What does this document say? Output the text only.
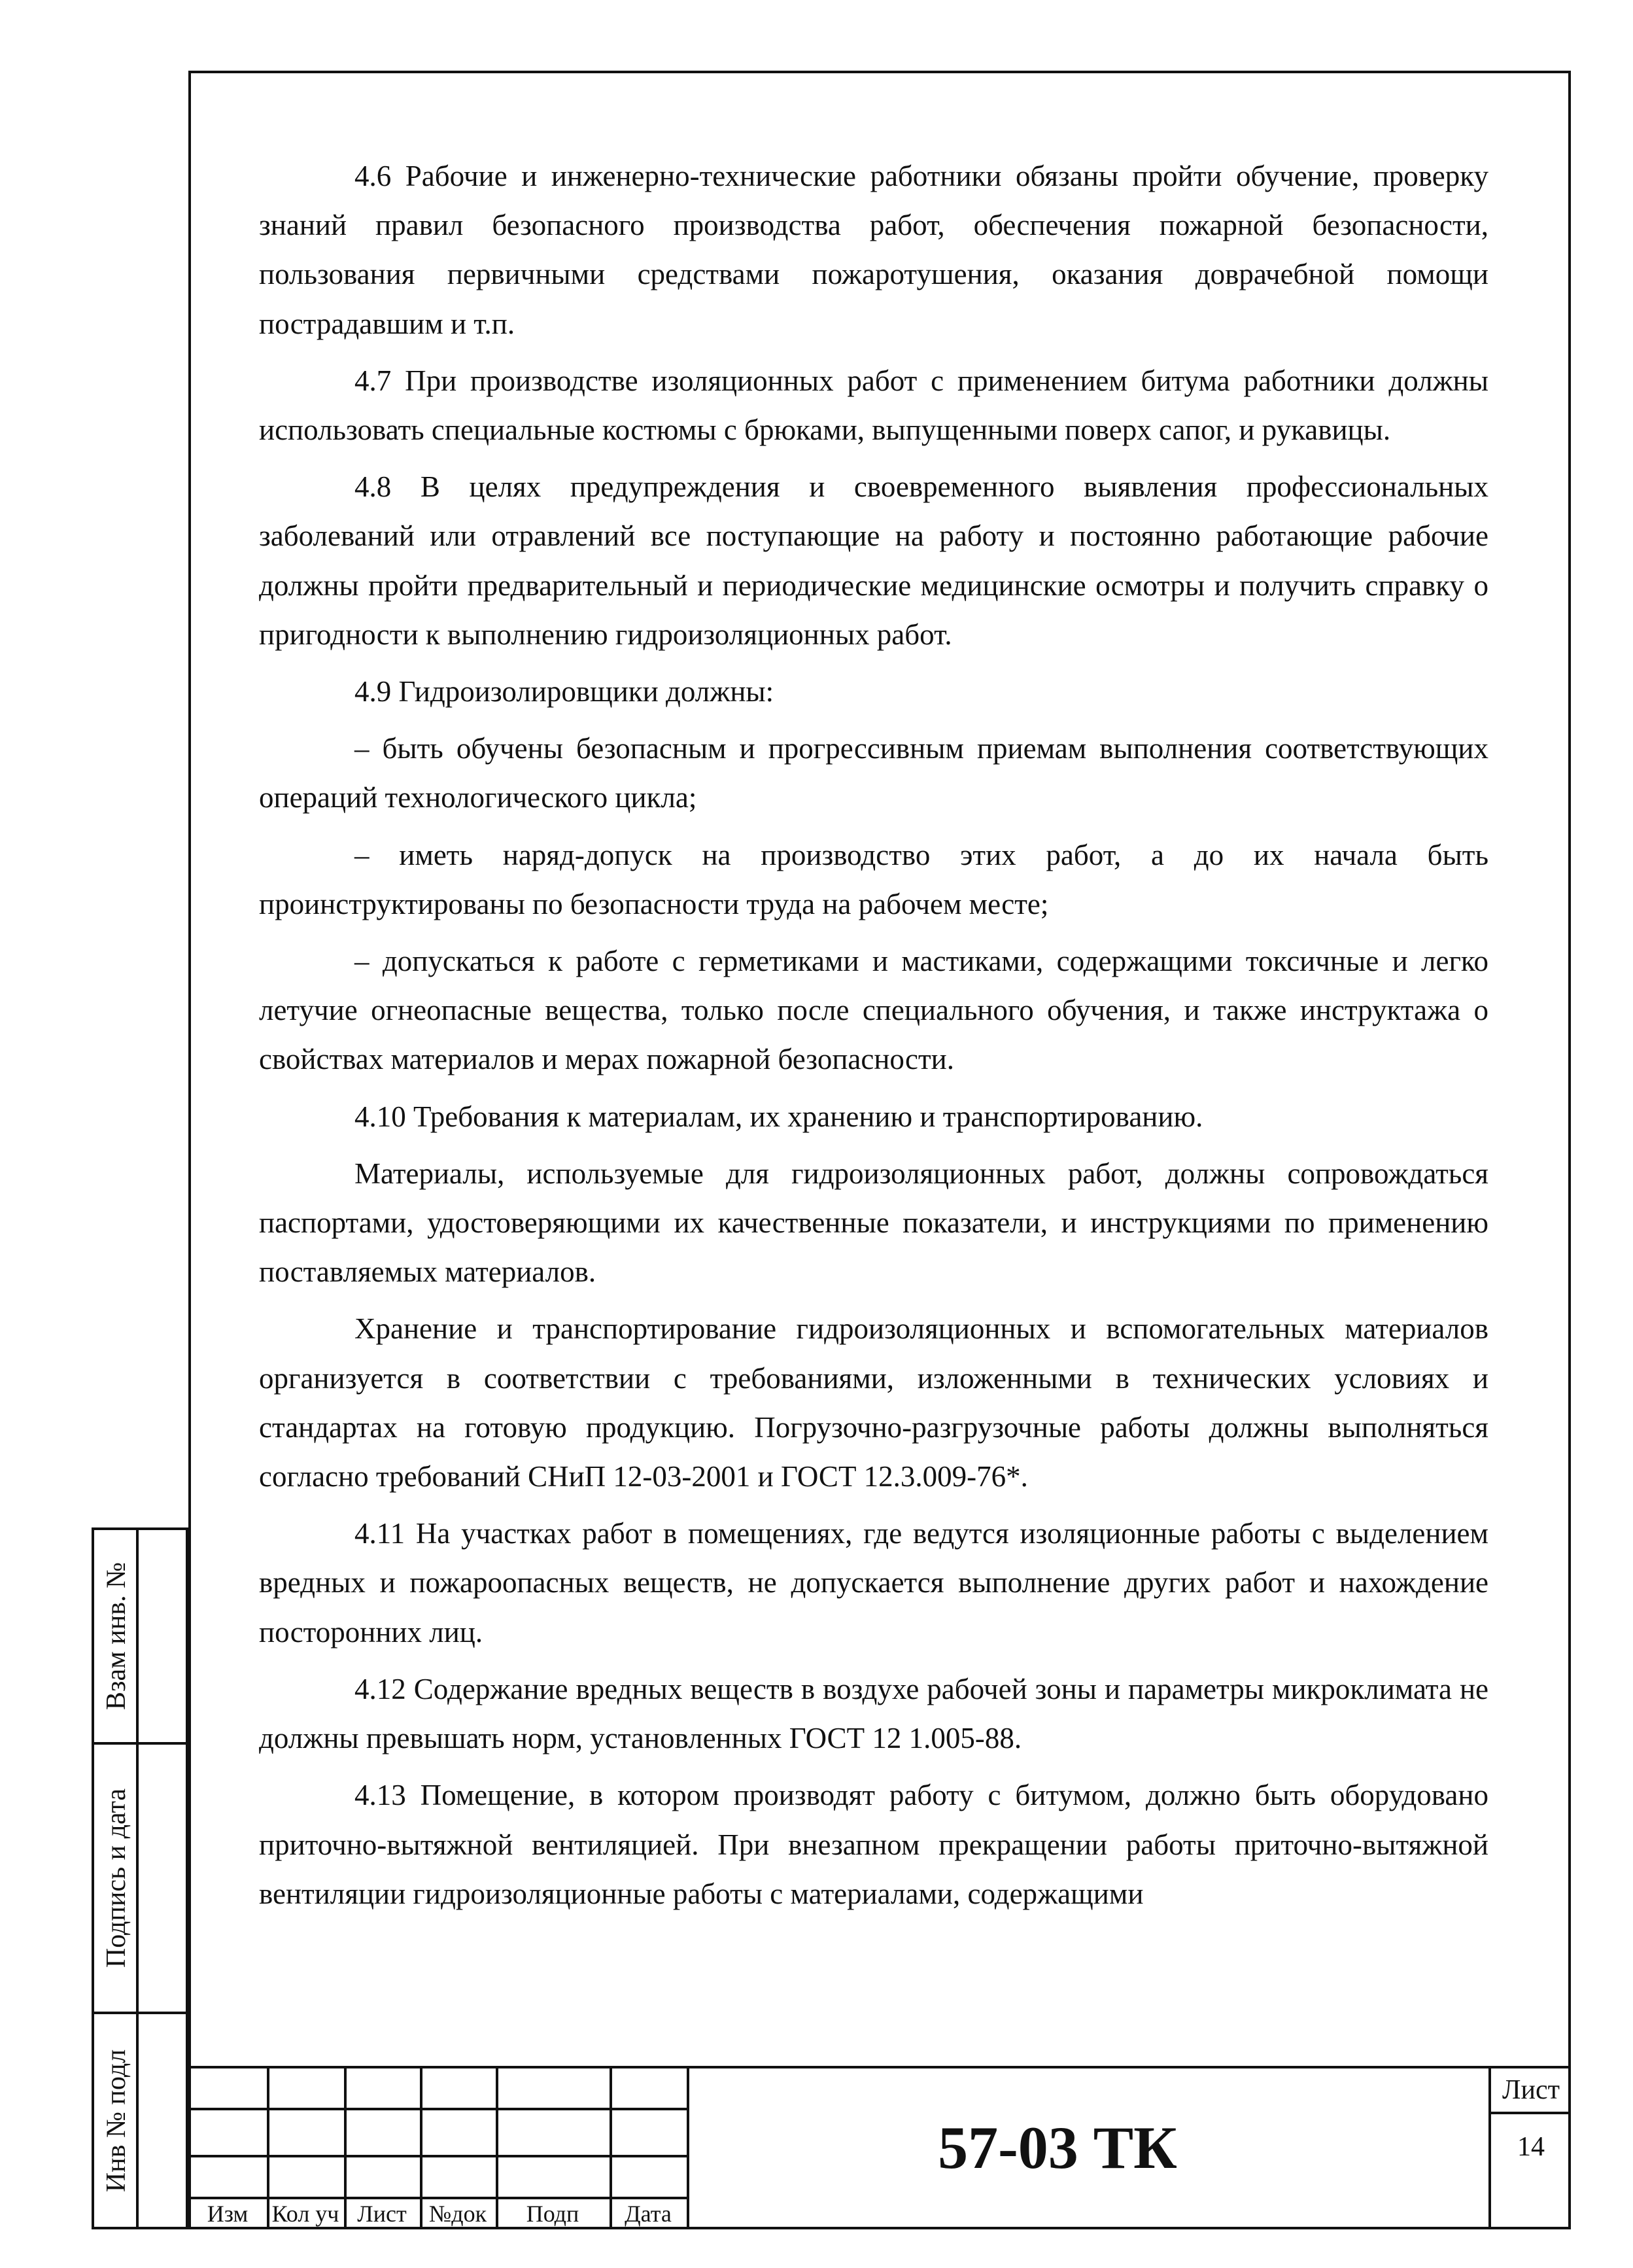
4.6 Рабочие и инженерно-технические работники обязаны пройти обучение, проверку знаний правил безопасного производства работ, обеспечения пожарной безопасности, пользования первичными средствами пожаротушения, оказания доврачебной помощи пострадавшим и т.п.

4.7 При производстве изоляционных работ с применением битума работники должны использовать специальные костюмы с брюками, выпущенными поверх сапог, и рукавицы.

4.8 В целях предупреждения и своевременного выявления профессиональных заболеваний или отравлений все поступающие на работу и постоянно работающие рабочие должны пройти предварительный и периодические медицинские осмотры и получить справку о пригодности к выполнению гидроизоляционных работ.

4.9 Гидроизолировщики должны:

– быть обучены безопасным и прогрессивным приемам выполнения соответствующих операций технологического цикла;

– иметь наряд-допуск на производство этих работ, а до их начала быть проинструктированы по безопасности труда на рабочем месте;

– допускаться к работе с герметиками и мастиками, содержащими токсичные и легко летучие огнеопасные вещества, только после специального обучения, и также инструктажа о свойствах материалов и мерах пожарной безопасности.

4.10 Требования к материалам, их хранению и транспортированию.

Материалы, используемые для гидроизоляционных работ, должны сопровождаться паспортами, удостоверяющими их качественные показатели, и инструкциями по применению поставляемых материалов.

Хранение и транспортирование гидроизоляционных и вспомогательных материалов организуется в соответствии с требованиями, изложенными в технических условиях и стандартах на готовую продукцию. Погрузочно-разгрузочные работы должны выполняться согласно требований СНиП 12-03-2001 и ГОСТ 12.3.009-76*.

4.11 На участках работ в помещениях, где ведутся изоляционные работы с выделением вредных и пожароопасных веществ, не допускается выполнение других работ и нахождение посторонних лиц.

4.12 Содержание вредных веществ в воздухе рабочей зоны и параметры микроклимата не должны превышать норм, установленных ГОСТ 12 1.005-88.

4.13 Помещение, в котором производят работу с битумом, должно быть оборудовано приточно-вытяжной вентиляцией. При внезапном прекращении работы приточно-вытяжной вентиляции гидроизоляционные работы с материалами, содержащими

Взам инв. №
Подпись и дата
Инв № подл
Изм	Кол уч Лист №док	Подп	Дата
57-03 ТК
Лист
14
